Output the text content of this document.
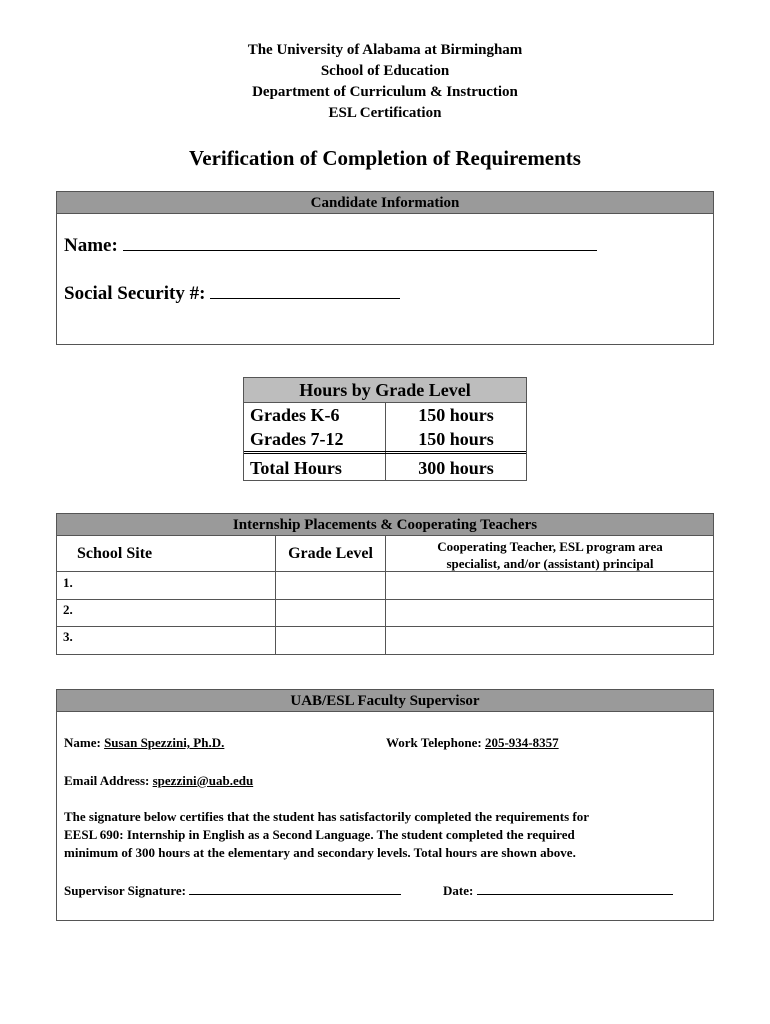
The University of Alabama at Birmingham
School of Education
Department of Curriculum & Instruction
ESL Certification
Verification of Completion of Requirements
Candidate Information
Name:
Social Security #:
Hours by Grade Level
Grades K-6	150 hours
Grades 7-12	150 hours
Total Hours	300 hours
Internship Placements & Cooperating Teachers
School Site	Grade Level	Cooperating Teacher, ESL program area
specialist, and/or (assistant) principal
1.
2.
3.
UAB/ESL Faculty Supervisor
Name: Susan Spezzini, Ph.D.	Work Telephone: 205-934-8357
Email Address: spezzini@uab.edu
The signature below certifies that the student has satisfactorily completed the requirements for
EESL 690: Internship in English as a Second Language. The student completed the required
minimum of 300 hours at the elementary and secondary levels. Total hours are shown above.
Supervisor Signature:	Date:
